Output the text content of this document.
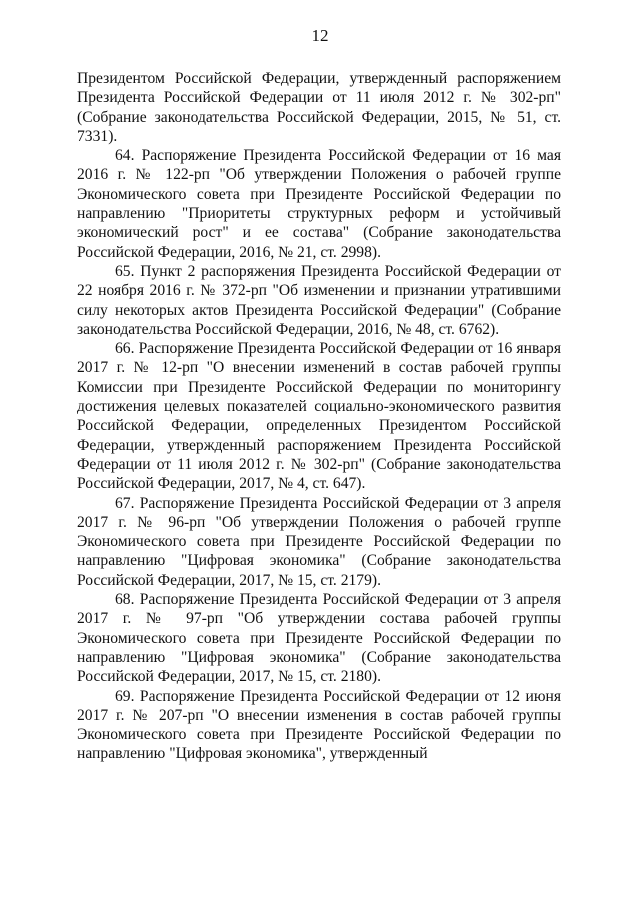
12

Президентом Российской Федерации, утвержденный распоряжением Президента Российской Федерации от 11 июля 2012 г. № 302-рп" (Собрание законодательства Российской Федерации, 2015, № 51, ст. 7331).

64. Распоряжение Президента Российской Федерации от 16 мая 2016 г. № 122-рп "Об утверждении Положения о рабочей группе Экономического совета при Президенте Российской Федерации по направлению "Приоритеты структурных реформ и устойчивый экономический рост" и ее состава" (Собрание законодательства Российской Федерации, 2016, № 21, ст. 2998).

65. Пункт 2 распоряжения Президента Российской Федерации от 22 ноября 2016 г. № 372-рп "Об изменении и признании утратившими силу некоторых актов Президента Российской Федерации" (Собрание законодательства Российской Федерации, 2016, № 48, ст. 6762).

66. Распоряжение Президента Российской Федерации от 16 января 2017 г. № 12-рп "О внесении изменений в состав рабочей группы Комиссии при Президенте Российской Федерации по мониторингу достижения целевых показателей социально-экономического развития Российской Федерации, определенных Президентом Российской Федерации, утвержденный распоряжением Президента Российской Федерации от 11 июля 2012 г. № 302-рп" (Собрание законодательства Российской Федерации, 2017, № 4, ст. 647).

67. Распоряжение Президента Российской Федерации от 3 апреля 2017 г. № 96-рп "Об утверждении Положения о рабочей группе Экономического совета при Президенте Российской Федерации по направлению "Цифровая экономика" (Собрание законодательства Российской Федерации, 2017, № 15, ст. 2179).

68. Распоряжение Президента Российской Федерации от 3 апреля 2017 г. № 97-рп "Об утверждении состава рабочей группы Экономического совета при Президенте Российской Федерации по направлению "Цифровая экономика" (Собрание законодательства Российской Федерации, 2017, № 15, ст. 2180).

69. Распоряжение Президента Российской Федерации от 12 июня 2017 г. № 207-рп "О внесении изменения в состав рабочей группы Экономического совета при Президенте Российской Федерации по направлению "Цифровая экономика", утвержденный
